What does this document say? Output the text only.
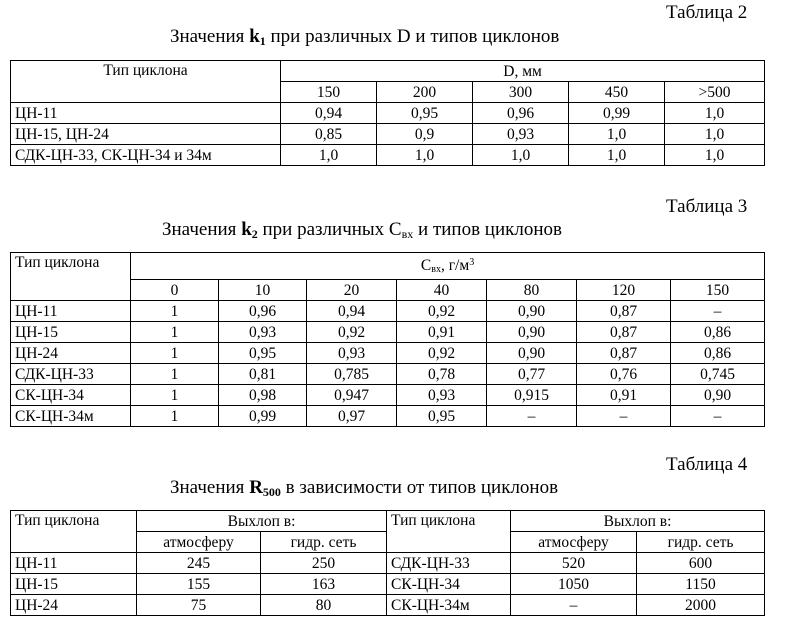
Таблица 2
Значения $k_1$ при различных D и типов циклонов
Тип циклона	D, мм				
	150	200	300	450	>500
ЦН-11	0,94	0,95	0,96	0,99	1,0
ЦН-15, ЦН-24	0,85	0,9	0,93	1,0	1,0
СДК-ЦН-33, СК-ЦН-34 и 34м	1,0	1,0	1,0	1,0	1,0
Таблица 3
Значения $k_2$ при различных $С_{вх}$ и типов циклонов
Тип циклона	Свх, $г/м^3$
	0	10	20	40	80	120	150
ЦН-11	1	0,96	0,94	0,92	0,90	0,87	–
ЦН-15	1	0,93	0,92	0,91	0,90	0,87	0,86
ЦН-24	1	0,95	0,93	0,92	0,90	0,87	0,86
СДК-ЦН-33	1	0,81	0,785	0,78	0,77	0,76	0,745
СК-ЦН-34	1	0,98	0,947	0,93	0,915	0,91	0,90
СК-ЦН-34м	1	0,99	0,97	0,95	–	–	–
Таблица 4
Значения $R_{500}$ в зависимости от типов циклонов
Тип циклона	Выхлоп в:		Тип циклона	Выхлоп в:	
	атмосферу	гидр. сеть		атмосферу	гидр. сеть
ЦН-11	245	250	СДК-ЦН-33	520	600
ЦН-15	155	163	СК-ЦН-34	1050	1150
ЦН-24	75	80	СК-ЦН-34м	–	2000
